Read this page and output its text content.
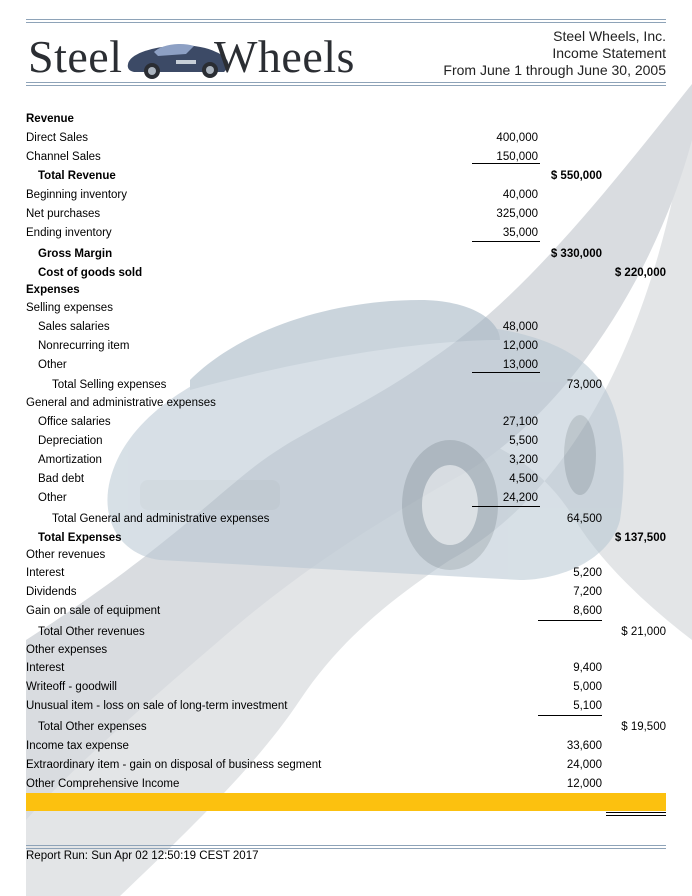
Steel Wheels	Steel Wheels, Inc.
Income Statement
From June 1 through June 30, 2005
Revenue
Direct Sales	400,000
Channel Sales	150,000
Total Revenue	$ 550,000
Beginning inventory	40,000
Net purchases	325,000
Ending inventory	35,000
Gross Margin	$ 330,000
Cost of goods sold	$ 220,000
Expenses
Selling expenses
Sales salaries	48,000
Nonrecurring item	12,000
Other	13,000
Total Selling expenses	73,000
General and administrative expenses
Office salaries	27,100
Depreciation	5,500
Amortization	3,200
Bad debt	4,500
Other	24,200
Total General and administrative expenses	64,500
Total Expenses	$ 137,500
Other revenues
Interest	5,200
Dividends	7,200
Gain on sale of equipment	8,600
Total Other revenues	$ 21,000
Other expenses
Interest	9,400
Writeoff - goodwill	5,000
Unusual item - loss on sale of long-term investment	5,100
Total Other expenses	$ 19,500
Income tax expense	33,600
Extraordinary item - gain on disposal of business segment	24,000
Other Comprehensive Income	12,000
Report Run: Sun Apr 02 12:50:19 CEST 2017
